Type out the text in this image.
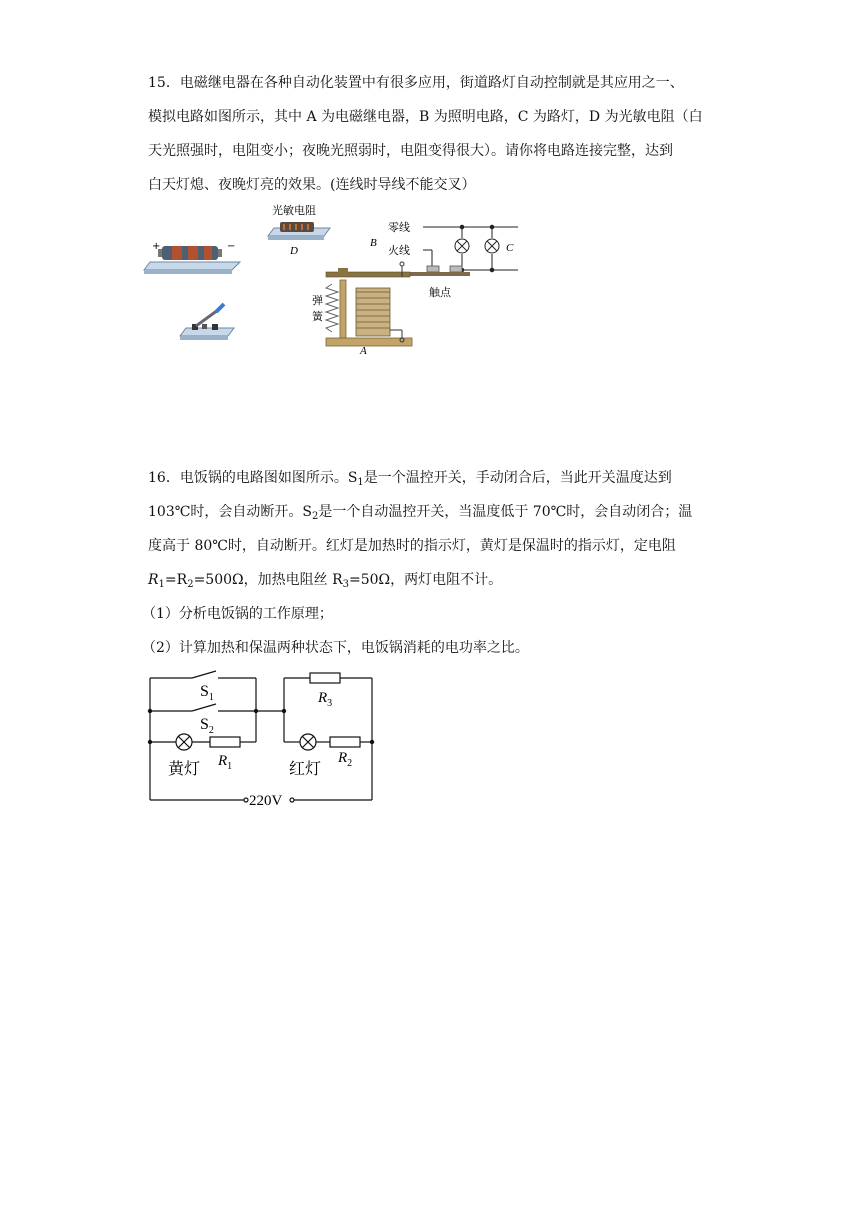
15．电磁继电器在各种自动化装置中有很多应用，街道路灯自动控制就是其应用之一、
模拟电路如图所示，其中 A 为电磁继电器，B 为照明电路，C 为路灯，D 为光敏电阻（白
天光照强时，电阻变小；夜晚光照弱时，电阻变得很大）。请你将电路连接完整，达到
白天灯熄、夜晚灯亮的效果。(连线时导线不能交叉）
+	−
光敏电阻
D
零线
火线
B	C
触点
弹
簧
A
16．电饭锅的电路图如图所示。$S_1$是一个温控开关，手动闭合后，当此开关温度达到
103℃时，会自动断开。$S_2$是一个自动温控开关，当温度低于 70℃时，会自动闭合；温
度高于 80℃时，自动断开。红灯是加热时的指示灯，黄灯是保温时的指示灯，定电阻
$R_1=R_2=500\Omega$，加热电阻丝 $R_3=50\Omega$，两灯电阻不计。
（1）分析电饭锅的工作原理；
（2）计算加热和保温两种状态下，电饭锅消耗的电功率之比。
$S_1$
$S_2$
$R_1$
$R_3$
$R_2$
黄灯	红灯
220V
